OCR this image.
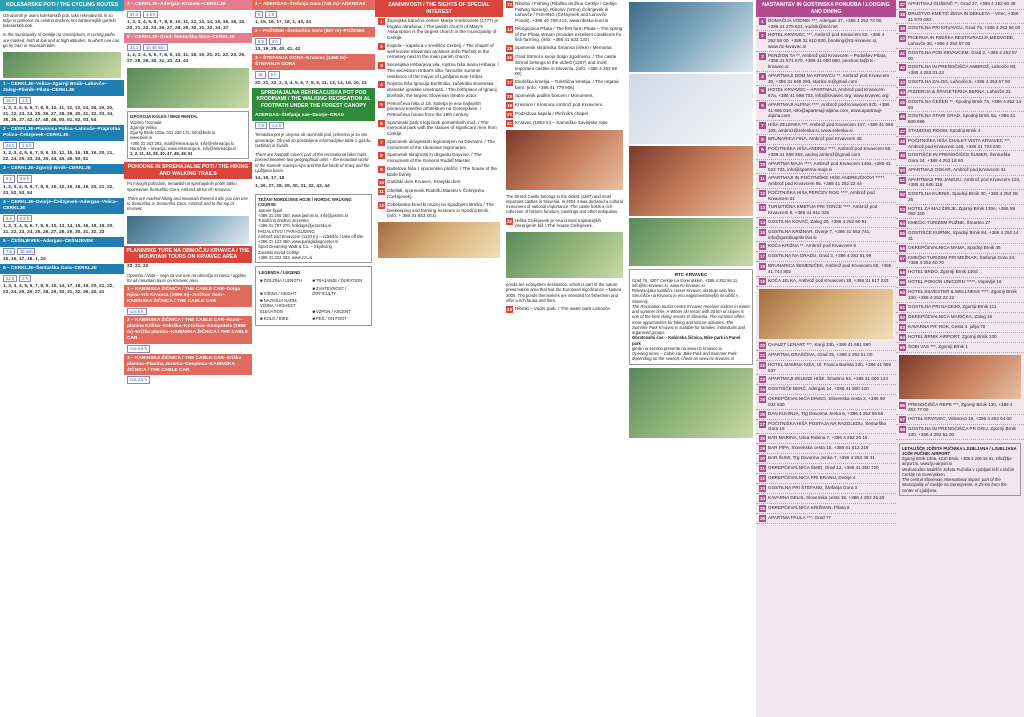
KOLESARSKE POTI / THE CYCLING ROUTES
Označenih je osem kolesarskih poti, tako rekreativnih, ki so lažje in primerne za celotno družino, kot zahtevnejših gorskih kolesarskih poti.
In the municipality of Cerklje na Gorenjskem, 8 cycling paths are marked, both at low and at high altitudes, to which one can go by train or mountain bike.
1 – CERKLJE–Velica–Zgornji Brnik–Lahovče–Zalog–Pšenik–Pšata–CERKLJE
16,7	1 h
1, 2, 3, 4, 5, 6, 7, 8, 9, 10, 11, 12, 13, 14, 18, 19, 20, 21, 22, 23, 24, 25, 26, 27, 28, 29, 30, 31, 32, 33, 34, 35, 36, 37, 42, 47, 48, 49, 50, 51, 52, 53, 54
2 – CERKLJE–Planinica Polica–Lahovče–Praprotna Polica–Češnjevek–CERKLJE
22,1	1,5 h
1, 2, 3, 4, 5, 6, 7, 8, 9, 10, 12, 15, 16, 18, 19, 20, 21, 22, 24, 25, 33, 34, 35, 44, 45, 46, 50, 51
3 – CERKLJE–Zgornji Brnik–CERKLJE
9,2	0,5 h
1, 2, 3, 4, 5, 6, 7, 8, 9, 10, 12, 16, 18, 19, 20, 21, 22, 23, 52, 53, 54
4 – CERKLJE–Dvorje–Češnjevek–Adergas–Velica–CERKLJE
6,6	0,5 h
1, 2, 3, 4, 5, 6, 7, 8, 9, 10, 13, 14, 15, 16, 18, 19, 20, 21, 22, 23, 24, 25, 26, 27, 28, 29, 30, 31, 32, 33
5 – ČEŠNJEVEK–Adergas–ČEŠNJEVEK
7,6	30 min
15, 16, 17, 18, 1, 24
6 – CERKLJE–Šenturška Gora–CERKLJE
22,9	2 h
1, 2, 3, 4, 5, 6, 7, 8, 9, 10, 14, 17, 18, 19, 20, 21, 22, 23, 24, 25, 26, 27, 28, 29, 30, 31, 32, 36, 40, 41
7 – CERKLJE–Adergas–Krvavec–CERKLJE
37,2	3,5 h
1, 2, 3, 4, 5, 6, 7, 8, 9, 10, 11, 12, 13, 14, 15, 16, 18, 19, 20, 21, 22, 23, 26, 27, 28, 29, 30, 31, 32, 34, 37
8 – CERKLJE–Grad–Šenturška Gora–CERKLJE
24,1	1h 45 min
1, 2, 3, 4, 5, 6, 7, 8, 9, 10, 11, 18, 19, 20, 21, 22, 23, 26, 27, 28, 29, 30, 31, 32, 43, 44
IZPOSOJA KOLES / BIKE RENTAL
Vozimo / Kontakt
Zgornja Velika
Zgornji Brnik 135a, 041 230 172, info@bele.si
www.bele.si
+386 31 303 293, mail@rekreacija.si, info@rekreacija.si
Naročnik – kreacija: www.rekreacija.si, info@rekreacija.si
1, 3, 11, 24, 28, 30, 47, 48, 49, 51
POHODNE IN SPREHAJALNE POTI / THE HIKING AND WALKING TRAILS
Po mnogih pohodnih, tematskih in sprehajalnih poteh lahko spoznavate Šenturško Goro, Ambrož ali na vrh Krvavca.
There are marked hiking and mountain themed trails you can use to Šenturška or Šenturška Gora, Ambrož and to the top of Krvavec.
PLANINSKE TURE NA OBMOČJU KRVAVCA / THE MOUNTAIN TOURS ON KRVAVEC AREA
20, 21, 22
Opomba / Note – velja za vse ture na območju Krvavca / applies for all mountain tours on Krvavec area
1 – KABINSKA ŽIČNICA / THE CABLE CAR–Dolga Njiva–vrh Krvavca (1999 m)–Jurčkov dom–KABINSKA ŽIČNICA / THE CABLE CAR
cca 5 h
2 – KABINSKA ŽIČNICA / THE CABLE CAR–Razor–planina Kriška–Kokrška–Korošica–Kompotela (1989 m)–Križka planina–KABINSKA ŽIČNICA / THE CABLE CAR
cca 4,5 h
3 – KABINSKA ŽIČNICA / THE CABLE CAR–Kriška planina–Planina Jezerca–Gospinca–KABINSKA ŽIČNICA / THE CABLE CAR
cca 3,5 h
1 – ADERGAS–Štefanja Gora (748 m)–ADERGAS
6	1 h
1, 15, 16, 17, 18, 1, 43, 44
2 – POŽENIK–Šenturška Gora (867 m)–POŽENIK
9,9	3 h
13, 19, 28, 40, 41, 42
3 – ŠTEFANJA GORA–Krvavec (1450 m)–ŠTEFANJA GORA
15	5 h
20, 21, 22, 2, 3, 4, 5, 6, 7, 8, 9, 11, 13, 14, 16, 20, 22
SPREHAJALNA REKREACIJSKA POT POD KRODINAMI / THE WALKING RECREATION AL FOOTPATH UNDER THE FOREST CANOPY
ADERGAS–Štefanja vas–Dvorje–GRAD
7,5	1,5 h
Tematska pot je urejena ob ravninski poti, primerna je za vse generacije. Ob poti so postavljene informacijske table o gozdu, rastlinah in živalih.
There are footpath covers part of the recreational hiker trails, passed between two geographical units – the mountain world of the Kamnik–Savinja Alps and the flat lands of Kranj and the Ljubljana basin.
14, 15, 17, 18
1, 26, 27, 28, 29, 30, 31, 32, 43, 44
TEŽAVI NORDIJSKE HOJE / NORDIC WALKING COURSE
Jasmin Šparl
+386 31 205 250, www.jasmin.si, info@jasmin.si
Turistično društvo Jezersko
+386 41 787 270, holidays@jezersko.si
PADALSTVO / PARAGLIDING
Ambrož pod Krvavcem (1120 m) – vzletišče / take off site
+386 31 123 450, www.paraglidingcenter.si
Šport Dreaming Walk & Co. – Skydiving
Zaratski zavod Cerklje
+386 41 222 333, www.zzc.si
LEGENDA / LEGEND ■ DOLŽINA / LENGTH ■ TRAJANJE / DURATION■ VIŠINA / HEIGHT■ ZAHTEVNOST / DIFFICULTY■ NAJVIŠJA NADM. VIŠINA / HIGHEST ELEVATION	■ VZPON / ASCENT■ KOLO / BIKE	■ PEŠ / ON FOOT
ZANIMIVOSTI / THE SIGHTS OF SPECIAL INTEREST
1 Župnijska baročna cerkev Marije Vnebovzete (1777) je bogato okrašena. / The parish church of Mary's Assumption is the largest church in the municipality of Cerklje.
2 Kapela – kapelica v središču Cerkelj. / The chapel of well known Slovenian architect Jože Plečnik in the cemetery next to the main parish church.
3 Secesijska Hribarjeva vila, rojstna hiša Ivana Hribarja. / The secession Hribar's villa, favourite summer residence of the mayor of Ljubljana Ivan Hribar.
4 Rojstna hiša Ignacija Borštnika, začetnika slovenske dramske igralske umetnosti. / The birthplace of Ignacij Borštnik, the largest Slovenian theatre actor.
5 Petrovčeva hiša iz 18. stoletja je ena najlepših primerov kmečke arhitekture na Gorenjskem. / Petrovčeva house from the 18th century.
6 Spominski park s kipi bork pomembnih mož. / The memorial park with the statues of significant men from Cerklje.
7 Spomenik ukrajinskim legionarjem na Davovini. / The monument of the Ukrainian legionaries.
8 Spomenik skrajnosti in drigantu Dayvine. / The monument of the General Rudolf Maister.
9 Barletova hiša z spominsko ploščo. / The house of the Barle family.
10 Gasilski dom Krvavec, Kranjski dom.
11 Obelisk, spomenik Rudolfu Maistru v Češnjevku (Češnjevek).
12 Čebelarsko-kmečki muzej na Spodnjem Brniku / The beekeeping and farming museum in Spodnji Brnik. (info: + 386 31 853 001)
13 Ribolov / Fishing (Ribiška družina Cerklje / Cerklje Fishing Society). Ribolov (Vrtno) Češnjevek in Lahovče / FISHING (Češnjevek and Lahovče Ponds). +386 40 768 214, www.ribiska-kunt.si
14 Ribogojnica Pšata / The fish farm Pšata – The spring of the Pšata stream provides excellent conditions for fish farming. (info: +386 41 633 130)
15 Spomenik skrahnika Šmarina (imke) / Memorial.
16 Grad Strmol s svojo dolgo zgodovino. / The castle Strmol belongs to the oldest (1287) and most important castles in Slovenia. (info: +386 4 252 59 00)
17 Ekološka kmetija – Turistična kmetija. / The organic farm. (info: +386 41 779 906)
18 Spomenik padlim borcem / Monument.
19 Kresnice / Kresnica Ambrož pod Krvavcem.
20 Podzidova kapela / Plečnik's chapel
21 Krvavec (1853 m) – Kamniško Savinjske Alpe
The Strmol Castle belongs to the oldest (1287) and most important castles in Slovenia. In 2004 it was declared a cultural monument of national importance. The castle hosts a rich collection of historic furniture, paintings and other antiquities.
22 Hiška Češnjevek je ena izmed najstarejših ohranjenih hiš / The house Češnjevek.
ponds are ecosystem destination, which is part of the nature preservation area that has the European significance – Natura 2000. The ponds themselves are intended for fishermen and offer a rich fauna and flora.
23 Ribniki – Vodni park. / The water park Lahovče.
RTC KRVAVEC
Grad 76, 4207 Cerklje na Gorenjskem, +386 4 252 56 11, info@rtc-krvavec.si, www.rtc-krvavec.si
Rekreacijsko turistični center Krvavec obratuje celo leto. Smučišče na Krvavcu je eno najpomembnejših smučišč v Sloveniji.
The Recreation tourist centre Krvavec receives visitors in winter and summer time. A Winter ski resort with 30 km of slopes is one of the best skiing resorts in Slovenia. The summer offers more opportunities for hiking and leisure activities. The Summer Park Krvavec is suitable for families, individuals and organised groups.
Obratovalni čas – Kabinska žičnica, Bike park in Panel park
glede na sezono preverite na www.rtc-krvavec.si
Opening times – Cable car, Bike Park and Summer Park: depending on the season, check on www.rtc-krvavec.si
NASTANITEV IN GOSTINSKA PONUDBA / LODGING AND DINING
1 DOMAČIJA VODNIK ***, Adergas 37, +386 4 252 72 00, +386 41 275 621, vodnik@siol.net
2 HOTEL KRVAVEC ***, Ambrož pod Krvavcem 50, +386 4 252 58 00, +386 31 610 830, booking@rtc-krvavec.si, www.rtc-krvavec.si
3 PENZION TA **, Ambrož pod Krvavcem – Podolšev Pšata, +386 41 571 670, +386 31 000 880, penzion.ta@rtc-krvavec.si
4 APARTMAJI DOM NA KRVAVCU **, Ambrož pod Krvavcem 30, +386 31 648 293, stanko.m@gmail.com
5 HOTEL KRVAVEC – APARTMAJI, Ambrož pod Krvavcem 67a, +386 41 698 702, info@krvavec.org, www.krvavec.org
6 APARTMAJI ALPINA ****, Ambrož pod Krvavcem 67b, +386 41 686 010, info@apartmaji-alpina.com, www.apartmaji-alpina.com
7 HIŠA ZELENKA ***, Ambrož pod Krvavcem 137, +386 41 668 105, ambroz@zelenka.si, www.zelenka.si
8 BRUNARICA FINA, Ambrož pod Krvavcem 45
9 POČITNIŠKA HIŠA ANDREJ ****, Ambrož pod Krvavcem 58, +386 41 668 253, andrej.ambrož@gmail.com
10 APARTMA MAJA ****, Ambrož pod Krvavcem 146a, +386 41 522 733, info@apartma-maja.si
11 APARTMAJI IN POČITNIŠKE HIŠE ANDREJČKOVI *****, Ambrož pod Krvavcem 65, +386 41 252 22 44
12 POČITNIŠKA HIŠA PERČEV ROG ****, Ambrož pod Krvavcem 51
13 TURISTIČNA KMETIJA PRI TONCE ****, Ambrož pod Krvavcem 6, +386 41 611 325
14 GOSTILNA KOVAČ, Zalog 20, +386 4 252 60 91
15 GOSTILNA KRIŽNAR, Dvorje 7, +386 41 662 741, info@gostilnaprikrizar.si
16 KOČA KRIŽNA **, Ambrož pod Krvavcem 6
17 GOSTILNA NA GRADU, Grad 3, +386 4 252 51 99
18 BRUNARICA ŠEMENIČEK, Ambrož pod Krvavcem 60, +386 41 744 802
19 KOČA JELKA, Ambrož pod Krvavcem 28, +386 31 617 233
20 CHALET LENART ***, Kanji 33b, +386 41 681 590
21 APARTMA GRAŠČINA, Grad 25, +386 4 252 51 00
22 HOTEL MAMINA KIŠA, Ul. Franca Barleta 22b, +386 41 858 637
23 APARTMAJI ZELENE HIŠE, Šmartno 64, +386 31 000 123
24 GOSTIŠČE BERČ, Adergas 14, +386 41 800 120
25 OKREPČEVALNICA DINGO, Slovenska cesta 2, +386 59 032 630
26 DAN KUHINJA, Trg Davorina Jenka 5, +386 4 252 55 55
27 POČITNIŠKA HIŠA POSTAJA NA RAZGLEDU, Šenturška Gora 15
28 BAR MARINA, Ulica Rabina 7, +386 4 252 26 16
29 BAR PIPA, Slovenska cesta 15, +386 41 613 218
30 BAR ŠUMI, Trg Davorina Jenka 7, +386 4 252 46 31
31 OKREPČEVALNICA ŠMID, Grad 12, +386 41 350 720
32 OKREPČEVALNICA PRI BRANU, Dvorje 4
33 GOSTILNA PRI ŠTEFANU, Štefanja Gora 3
34 KAVARNA DELIS, Slovenska cesta 15, +386 4 252 25 25
35 OKREPČEVALNICA KRIŽMAN, Pšata 8
36 APARTMA PAULA ***, Grad 77
37 APARTMAJ GUŠENČ **, Grad 27, +386 4 252 60 48
38 DRUŠTVO KMETIČ ŽENA IN DEKLETA – Vrtec, +386 41 870 020
39 GOSTILNA PRI KRVAVCU, Grad 76, +386 4 252 56 00
40 PICERIJA IN RIBIŠKA RESTAVRACIJA MEDVODE, Lahovče 30, +386 4 252 57 00
41 GOSTILNA POD KRVAVCEM, Grad 2, +386 4 252 57 00
42 GOSTILNA IN PRENOČIŠČA AMBROŽ, Lahovče 80, +386 4 252 31 23
43 GOSTILNA ZALOG, Lahovče 5, +386 4 252 57 00
44 PIZZERIJA & ŠPAGETERIJA BERNA, Lahovče 21
45 GOSTILNA ČEŠEN **, Spodnji Brnik 73, +386 4 252 14 94
46 GOSTILNA STARI GRAD, Spodnji Brnik 5a, +386 41 608 696
47 STANDING ROOM, Spodnji Brnik 4
48 POČITNIŠKA HIŠA CHALET VISTA KRVAVEC ***, Ambrož pod Krvavcem 146, +386 41 723 040
49 GOSTIŠČE IN PRENOČIŠČE ŠUMER, Šenturška Gora 24, +386 4 252 18 60
50 APARTMAJI OSKAR, Ambrož pod Krvavcem 41
51 APARTMAJI PRI JANEZU, Ambrož pod Krvavcem 134, +386 41 646 116
52 GOSTILNA KURNIK, Spodnji Brnik 30, +386 4 252 28 26
53 HOTEL ZA MAJ ŽIRIJE, Zgornji Brnik 130e, +386 59 092 100
54 KMEČKI TURIZEM PUŽNE, Šmartno 27
55 GOSTIŠČE KURNIK, Spodnji Brnik 84, +386 4 252 14 31
56 OKREPČEVALNICA MAMA, Spodnji Brnik 35
57 KMEČKI TURIZEM PRI MEŽNAR, Štefanja Gora 24, +386 4 252 60 70
58 HOTEL BRDO, Zgornji Brnik 130d
59 HOTEL POKION UNICORN *****, Vopovlje 16
60 HOTEL SILVESTER & WELLNESS ****, Zgornji Brnik 130, +386 4 252 22 22
61 GOSTILNA PRI NACEJO, Zgornji Brnik 111
62 OKREPČEVALNICA MARIČKA, Zalog 15
63 KAVARNA PR' ROK, Cesta 4. julija 70
64 HOTEL BRNIK AIRPORT, Zgornji Brnik 130
65 ŠOBI VAS ***, Zgornji Brnik 1
66 PRENOČIŠČA REPE ***, Zgornji Brnik 130, +386 4 252 77 00
67 HOTEL KRVAVEC, Velesovo 19, +386 4 252 54 00
68 GOSTILNA IN PRENOČIŠČA PR OGU, Zgornji Brnik 130, +386 4 252 51 00
LETALIŠČE JOŽETA PUČNIKA LJUBLJANA / LJUBLJANA JOŽE PUČNIK AIRPORT
Zgornji Brnik 130a, 4210 Brnik, +386 4 206 19 81, info@lju-airport.si, www.lju-airport.si
Mednarodno letališče Jožeta Pučnika v Ljubljani leži v občini Cerklje na Gorenjskem.
The central Slovenian international airport, part of the Municipality of Cerklje na Gorenjskem, is 25 km from the center of Ljubljana.
